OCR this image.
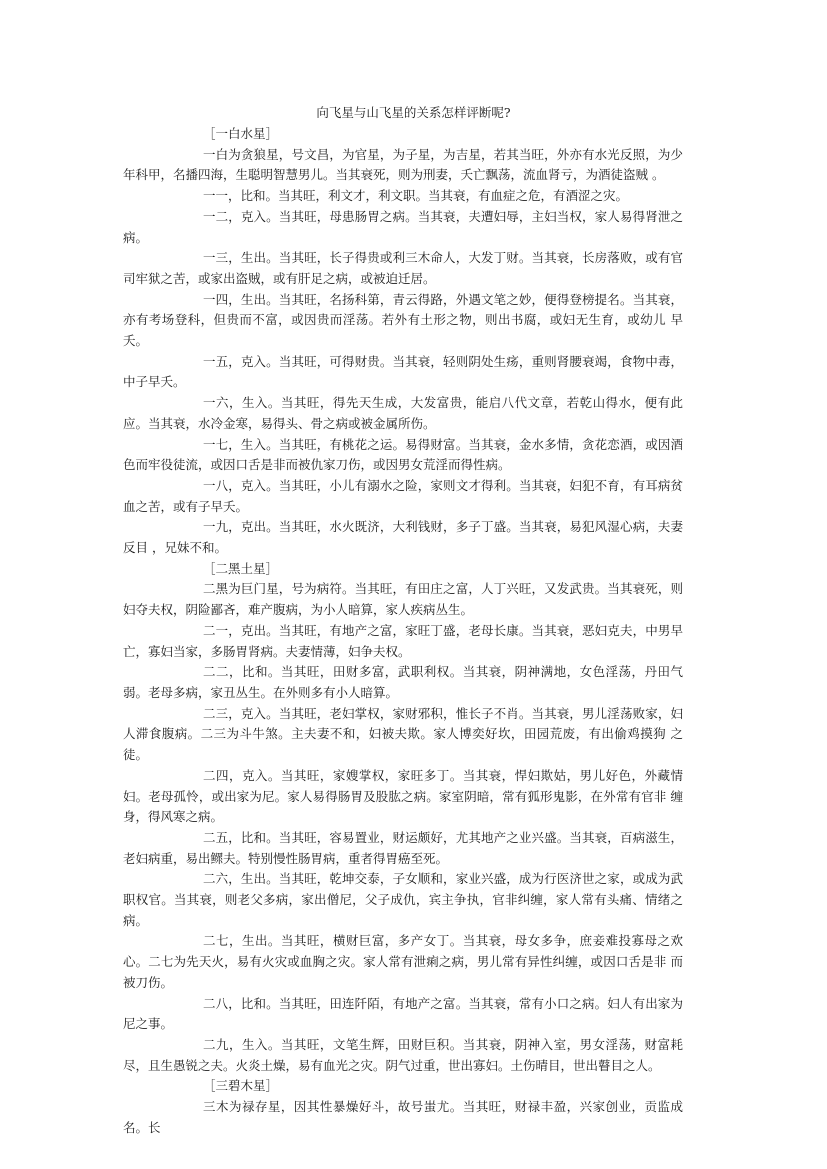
向飞星与山飞星的关系怎样评断呢?

［一白水星］

一白为贪狼星，号文昌，为官星，为子星，为吉星，若其当旺，外亦有水光反照，为少年科甲，名播四海，生聪明智慧男儿。当其衰死，则为刑妻，夭亡飘荡，流血肾亏，为酒徒盗贼 。

一一，比和。当其旺，利文才，利文职。当其衰，有血症之危，有酒涩之灾。

一二，克入。当其旺，母患肠胃之病。当其衰，夫遭妇辱，主妇当权，家人易得肾泄之病。

一三，生出。当其旺，长子得贵或利三木命人，大发丁财。当其衰，长房落败，或有官司牢狱之苦，或家出盗贼，或有肝足之病，或被迫迁居。

一四，生出。当其旺，名扬科第，青云得路，外遇文笔之妙，便得登榜提名。当其衰，亦有考场登科，但贵而不富，或因贵而淫荡。若外有土形之物，则出书腐，或妇无生育，或幼儿 早夭。

一五，克入。当其旺，可得财贵。当其衰，轻则阴处生疡，重则肾腰衰竭，食物中毒，中子早夭。

一六，生入。当其旺，得先天生成，大发富贵，能启八代文章，若乾山得水，便有此应。当其衰，水冷金寒，易得头、骨之病或被金属所伤。

一七，生入。当其旺，有桃花之运。易得财富。当其衰，金水多情，贪花恋酒，或因酒色而牢役徒流，或因口舌是非而被仇家刀伤，或因男女荒淫而得性病。

一八，克入。当其旺，小儿有溺水之险，家则文才得利。当其衰，妇犯不育，有耳病贫血之苦，或有子早夭。

一九，克出。当其旺，水火既济，大利钱财，多子丁盛。当其衰，易犯风湿心病，夫妻反目 ，兄妹不和。

［二黑土星］

二黑为巨门星，号为病符。当其旺，有田庄之富，人丁兴旺，又发武贵。当其衰死，则妇夺夫权，阴险鄙吝，难产腹病，为小人暗算，家人疾病丛生。

二一，克出。当其旺，有地产之富，家旺丁盛，老母长康。当其衰，恶妇克夫，中男早亡，寡妇当家，多肠胃肾病。夫妻情薄，妇争夫权。

二二，比和。当其旺，田财多富，武职利权。当其衰，阴神满地，女色淫荡，丹田气弱。老母多病，家丑丛生。在外则多有小人暗算。

二三，克入。当其旺，老妇掌权，家财邪积，惟长子不肖。当其衰，男儿淫荡败家，妇人滞食腹病。二三为斗牛煞。主夫妻不和，妇被夫欺。家人博奕好坎，田园荒废，有出偷鸡摸狗 之徒。

二四，克入。当其旺，家嫂掌权，家旺多丁。当其衰，悍妇欺姑，男儿好色，外藏情妇。老母孤怜，或出家为尼。家人易得肠胃及股肱之病。家室阴暗，常有狐形鬼影，在外常有官非 缠身，得风寒之病。

二五，比和。当其旺，容易置业，财运颇好，尤其地产之业兴盛。当其衰，百病滋生，老妇病重，易出鳏夫。特别慢性肠胃病，重者得胃癌至死。

二六，生出。当其旺，乾坤交泰，子女顺和，家业兴盛，成为行医济世之家，或成为武职权官。当其衰，则老父多病，家出僧尼，父子成仇，宾主争执，官非纠缠，家人常有头痛、情绪之病。

二七，生出。当其旺，横财巨富，多产女丁。当其衰，母女多争，庶妾难投寡母之欢心。二七为先天火，易有火灾或血胸之灾。家人常有泄痢之病，男儿常有异性纠缠，或因口舌是非 而被刀伤。

二八，比和。当其旺，田连阡陌，有地产之富。当其衰，常有小口之病。妇人有出家为尼之事。

二九，生入。当其旺，文笔生辉，田财巨积。当其衰，阴神入室，男女淫荡，财富耗尽，且生愚锐之夫。火炎土燥，易有血光之灾。阴气过重，世出寡妇。土伤晴目，世出瞽目之人。

［三碧木星］

三木为禄存星，因其性暴燥好斗，故号蚩尤。当其旺，财禄丰盈，兴家创业，贡监成名。长
